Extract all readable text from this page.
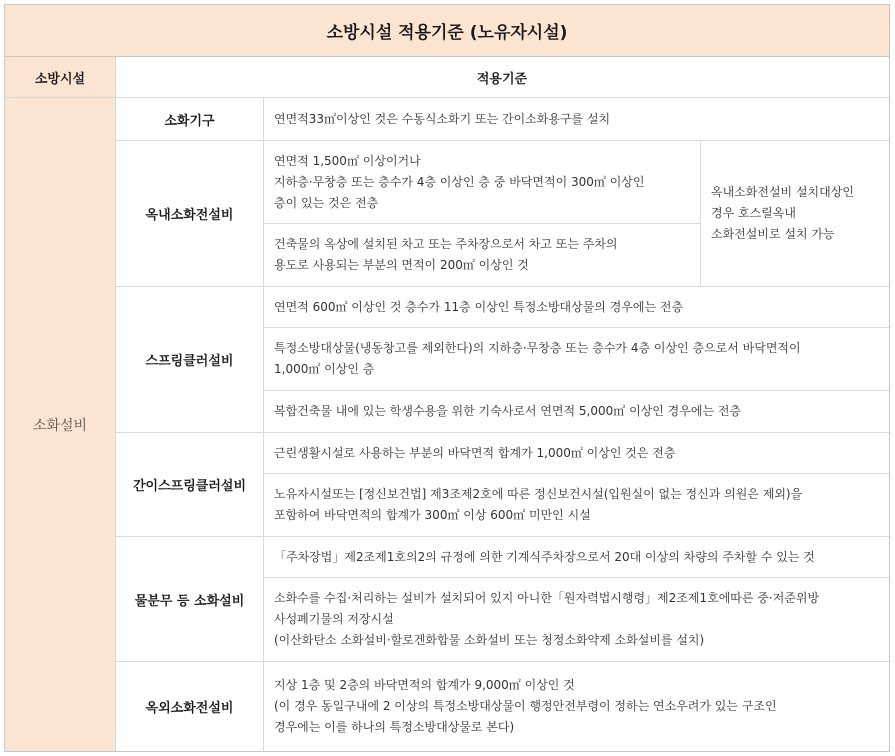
소방시설 적용기준 (노유자시설)
소방시설	적용기준
소화설비
소화기구	연면적33㎡이상인 것은 수동식소화기 또는 간이소화용구를 설치
옥내소화전설비
연면적 1,500㎡ 이상이거나
지하층·무창층 또는 층수가 4층 이상인 층 중 바닥면적이 300㎡ 이상인
층이 있는 것은 전층
건축물의 옥상에 설치된 차고 또는 주차장으로서 차고 또는 주차의
용도로 사용되는 부분의 면적이 200㎡ 이상인 것
옥내소화전설비 설치대상인
경우 호스릴옥내
소화전설비로 설치 가능
스프링클러설비
연면적 600㎡ 이상인 것 층수가 11층 이상인 특정소방대상물의 경우에는 전층
특정소방대상물(냉동창고를 제외한다)의 지하층·무창층 또는 층수가 4층 이상인 층으로서 바닥면적이
1,000㎡ 이상인 층
복합건축물 내에 있는 학생수용을 위한 기숙사로서 연면적 5,000㎡ 이상인 경우에는 전층
간이스프링클러설비
근린생활시설로 사용하는 부분의 바닥면적 합계가 1,000㎡ 이상인 것은 전층
노유자시설또는 [정신보건법] 제3조제2호에 따른 정신보건시설(입원실이 없는 정신과 의원은 제외)을
포함하여 바닥면적의 합계가 300㎡ 이상 600㎡ 미만인 시설
물분무 등 소화설비
「주차장법」제2조제1호의2의 규정에 의한 기계식주차장으로서 20대 이상의 차량의 주차할 수 있는 것
소화수를 수집·처리하는 설비가 설치되어 있지 아니한「원자력법시행령」제2조제1호에따른 중·저준위방
사성폐기물의 저장시설
(이산화탄소 소화설비·할로겐화합물 소화설비 또는 청정소화약제 소화설비를 설치)
옥외소화전설비
지상 1층 및 2층의 바닥면적의 합계가 9,000㎡ 이상인 것
(이 경우 동일구내에 2 이상의 특정소방대상물이 행정안전부령이 정하는 연소우려가 있는 구조인
경우에는 이를 하나의 특정소방대상물로 본다)
